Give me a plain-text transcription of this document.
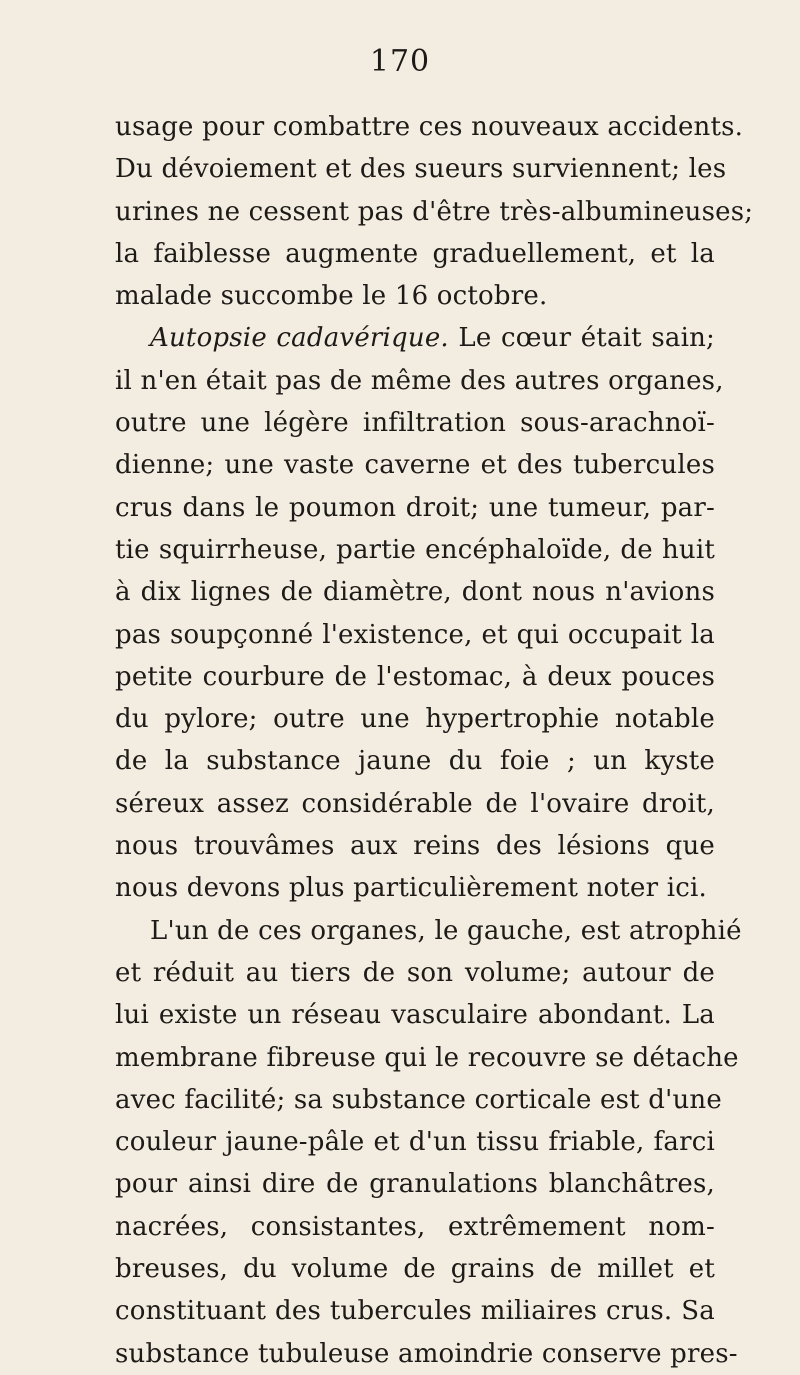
170
usage pour combattre ces nouveaux accidents.
Du dévoiement et des sueurs surviennent; les
urines ne cessent pas d'être très-albumineuses;
la faiblesse augmente graduellement, et la
malade succombe le 16 octobre.
Autopsie cadavérique. Le cœur était sain;
il n'en était pas de même des autres organes,
outre une légère infiltration sous-arachnoï-
dienne; une vaste caverne et des tubercules
crus dans le poumon droit; une tumeur, par-
tie squirrheuse, partie encéphaloïde, de huit
à dix lignes de diamètre, dont nous n'avions
pas soupçonné l'existence, et qui occupait la
petite courbure de l'estomac, à deux pouces
du pylore; outre une hypertrophie notable
de la substance jaune du foie ; un kyste
séreux assez considérable de l'ovaire droit,
nous trouvâmes aux reins des lésions que
nous devons plus particulièrement noter ici.
L'un de ces organes, le gauche, est atrophié
et réduit au tiers de son volume; autour de
lui existe un réseau vasculaire abondant. La
membrane fibreuse qui le recouvre se détache
avec facilité; sa substance corticale est d'une
couleur jaune-pâle et d'un tissu friable, farci
pour ainsi dire de granulations blanchâtres,
nacrées, consistantes, extrêmement nom-
breuses, du volume de grains de millet et
constituant des tubercules miliaires crus. Sa
substance tubuleuse amoindrie conserve pres-
